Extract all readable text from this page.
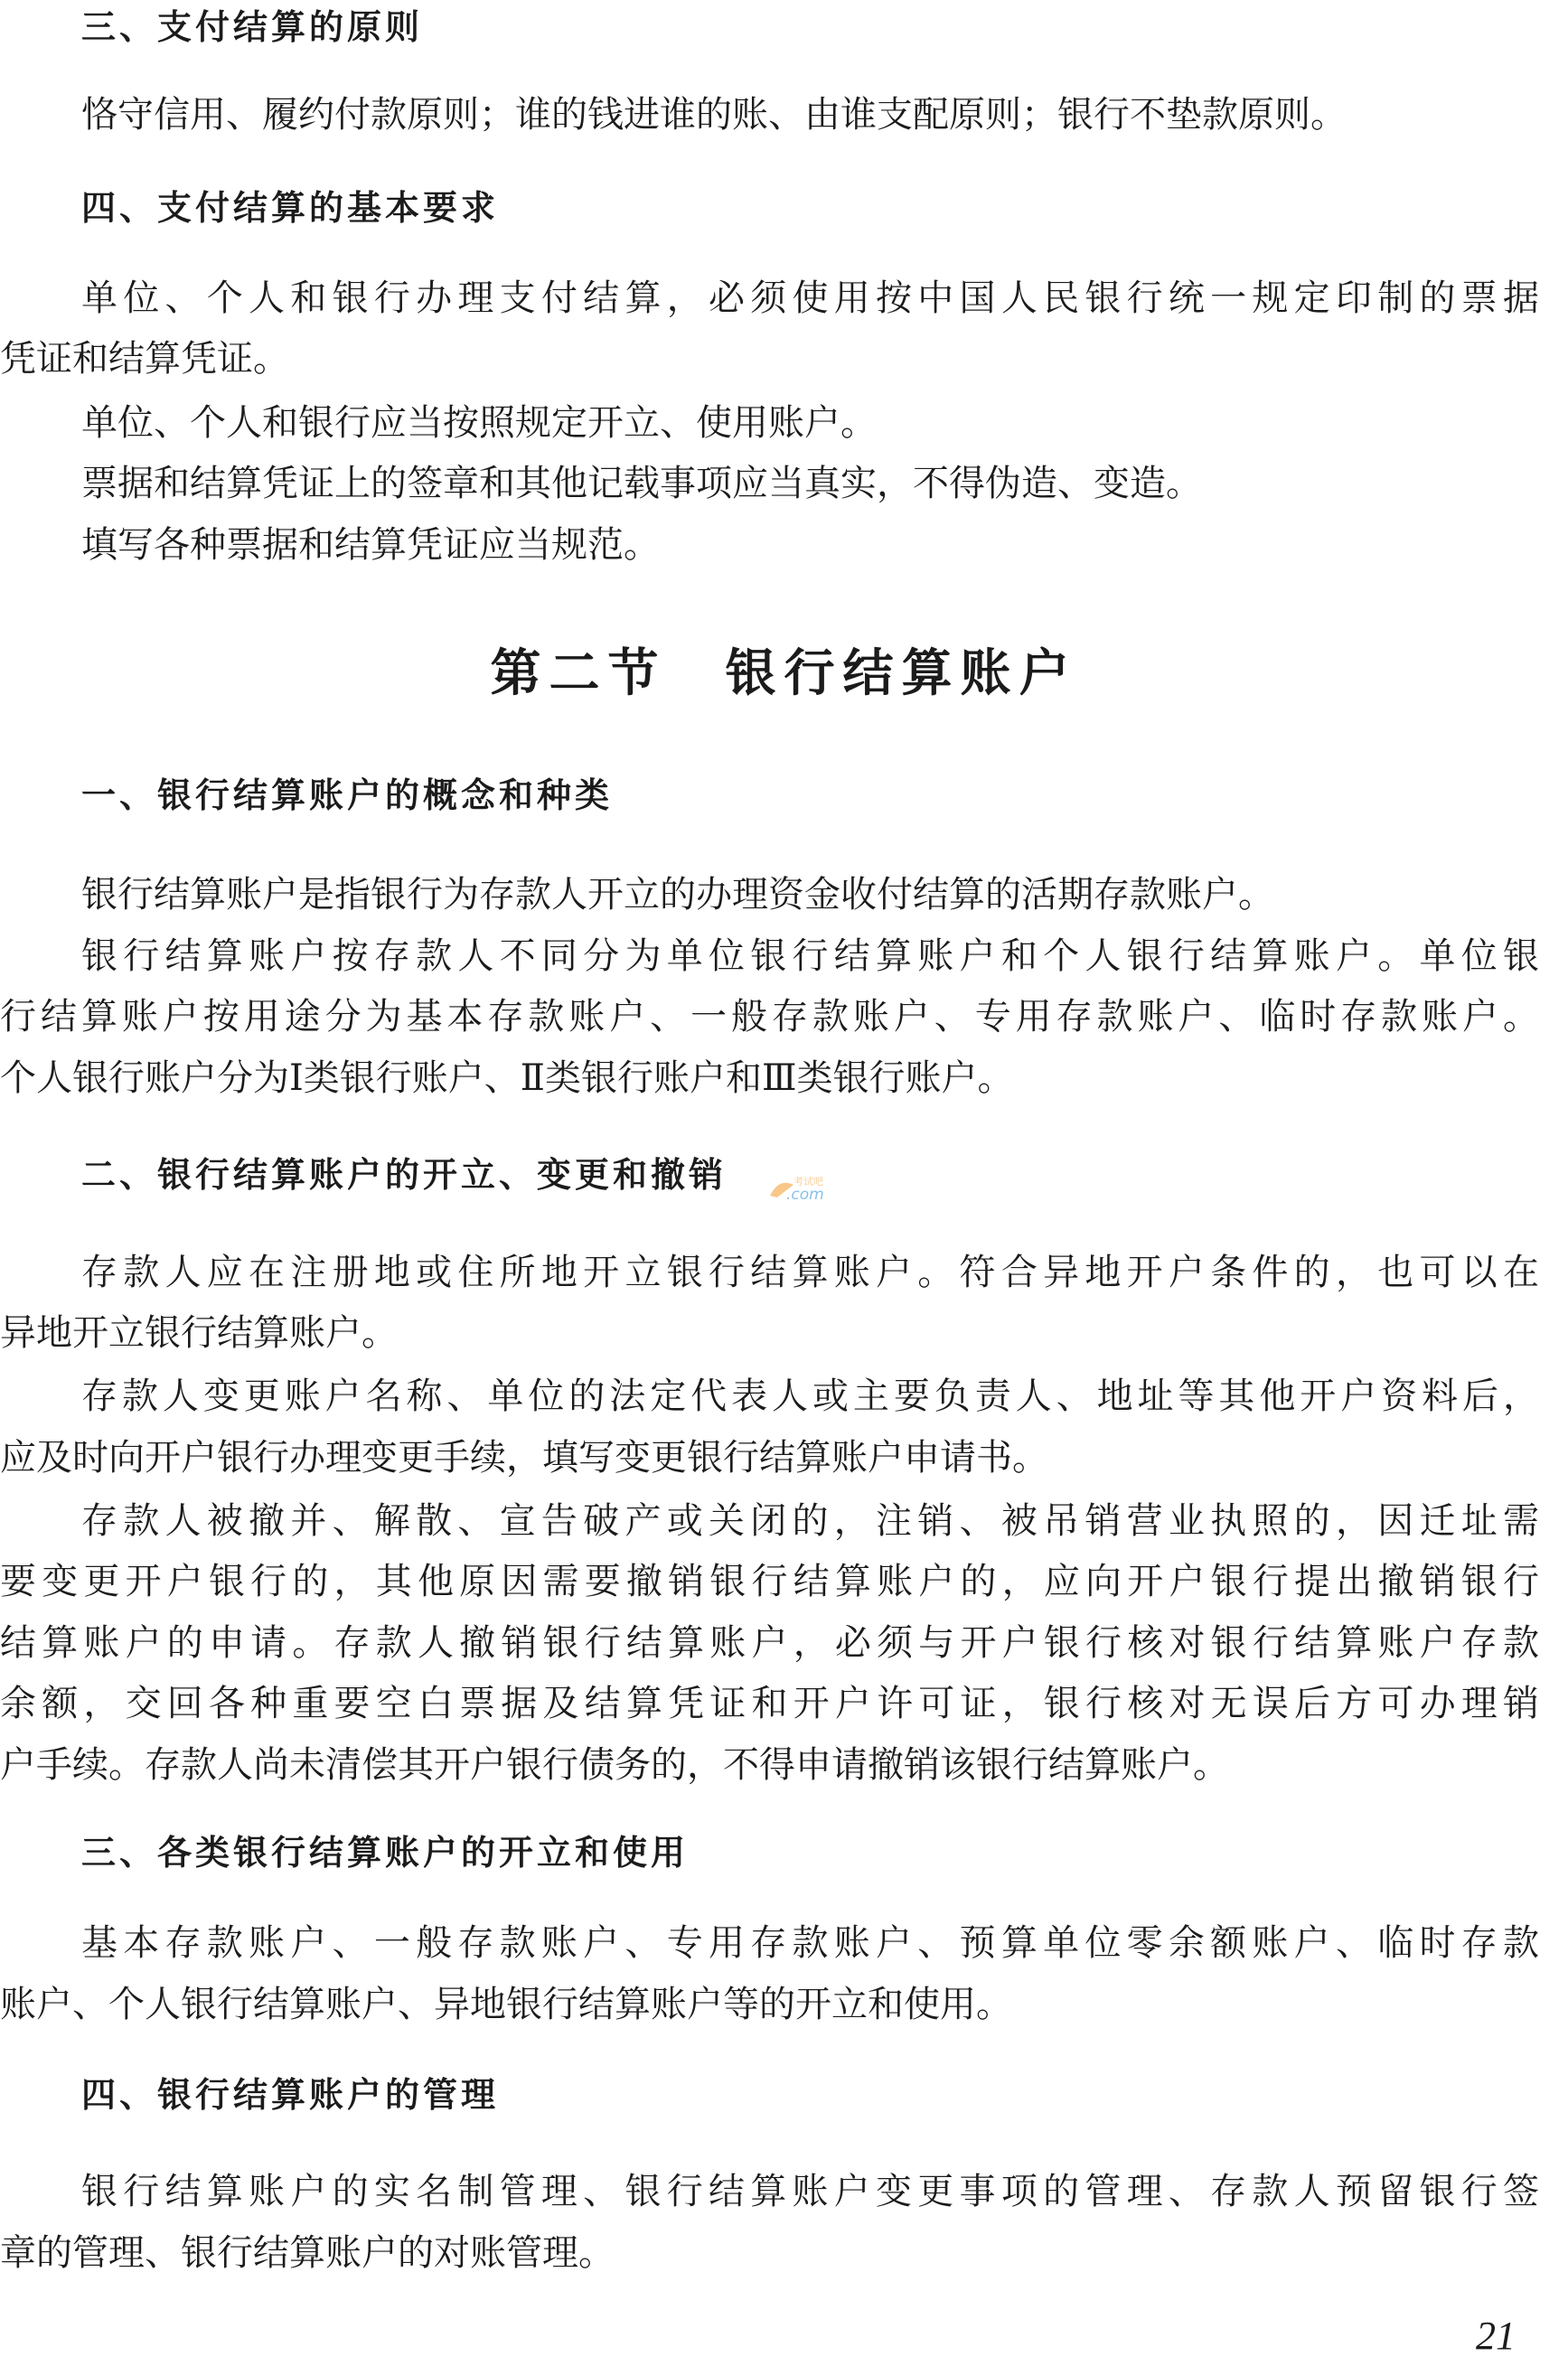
三、支付结算的原则

恪守信用、履约付款原则；谁的钱进谁的账、由谁支配原则；银行不垫款原则。

四、支付结算的基本要求

单位、个人和银行办理支付结算，必须使用按中国人民银行统一规定印制的票据

凭证和结算凭证。

单位、个人和银行应当按照规定开立、使用账户。

票据和结算凭证上的签章和其他记载事项应当真实，不得伪造、变造。

填写各种票据和结算凭证应当规范。

第二节　银行结算账户
一、银行结算账户的概念和种类

银行结算账户是指银行为存款人开立的办理资金收付结算的活期存款账户。

银行结算账户按存款人不同分为单位银行结算账户和个人银行结算账户。单位银

行结算账户按用途分为基本存款账户、一般存款账户、专用存款账户、临时存款账户。

个人银行账户分为Ⅰ类银行账户、Ⅱ类银行账户和Ⅲ类银行账户。

二、银行结算账户的开立、变更和撤销	考试吧
.com

存款人应在注册地或住所地开立银行结算账户。符合异地开户条件的，也可以在

异地开立银行结算账户。

存款人变更账户名称、单位的法定代表人或主要负责人、地址等其他开户资料后，

应及时向开户银行办理变更手续，填写变更银行结算账户申请书。

存款人被撤并、解散、宣告破产或关闭的，注销、被吊销营业执照的，因迁址需

要变更开户银行的，其他原因需要撤销银行结算账户的，应向开户银行提出撤销银行

结算账户的申请。存款人撤销银行结算账户，必须与开户银行核对银行结算账户存款

余额，交回各种重要空白票据及结算凭证和开户许可证，银行核对无误后方可办理销

户手续。存款人尚未清偿其开户银行债务的，不得申请撤销该银行结算账户。

三、各类银行结算账户的开立和使用

基本存款账户、一般存款账户、专用存款账户、预算单位零余额账户、临时存款

账户、个人银行结算账户、异地银行结算账户等的开立和使用。

四、银行结算账户的管理

银行结算账户的实名制管理、银行结算账户变更事项的管理、存款人预留银行签

章的管理、银行结算账户的对账管理。

21
